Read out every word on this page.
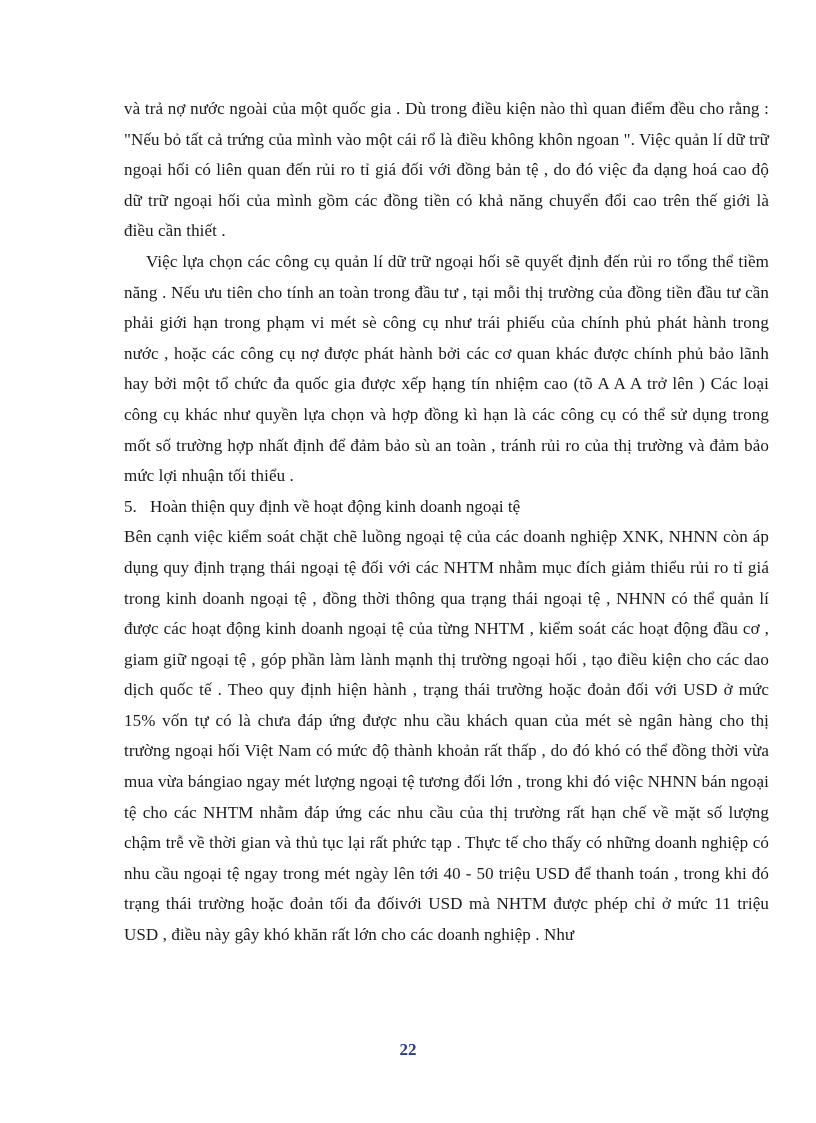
và trả nợ nước ngoài của một quốc gia . Dù trong điều kiện nào thì quan điểm đều cho rằng : "Nếu bỏ tất cả trứng của mình vào một cái rổ là điều không khôn ngoan ". Việc quản lí dữ trữ ngoại hối có liên quan đến rủi ro tỉ giá đối với đồng bản tệ , do đó việc đa dạng hoá cao độ dữ trữ ngoại hối của mình gồm các đồng tiền có khả năng chuyển đổi cao trên thế giới là điều cần thiết .

Việc lựa chọn các công cụ quản lí dữ trữ ngoại hối sẽ quyết định đến rủi ro tổng thể tiềm năng . Nếu ưu tiên cho tính an toàn trong đầu tư , tại mỗi thị trường của đồng tiền đầu tư cần phải giới hạn trong phạm vi mét sè công cụ như trái phiếu của chính phủ phát hành trong nước , hoặc các công cụ nợ được phát hành bởi các cơ quan khác được chính phủ bảo lãnh hay bởi một tổ chức đa quốc gia được xếp hạng tín nhiệm cao (tõ A A A trở lên ) Các loại công cụ khác như quyền lựa chọn và hợp đồng kì hạn là các công cụ có thể sử dụng trong mốt số trường hợp nhất định để đảm bảo sù an toàn , tránh rủi ro của thị trường và đảm bảo mức lợi nhuận tối thiểu .

5. Hoàn thiện quy định về hoạt động kinh doanh ngoại tệ

Bên cạnh việc kiểm soát chặt chẽ luồng ngoại tệ của các doanh nghiệp XNK, NHNN còn áp dụng quy định trạng thái ngoại tệ đối với các NHTM nhằm mục đích giảm thiểu rủi ro tỉ giá trong kinh doanh ngoại tệ , đồng thời thông qua trạng thái ngoại tệ , NHNN có thể quản lí được các hoạt động kinh doanh ngoại tệ của từng NHTM , kiểm soát các hoạt động đầu cơ , giam giữ ngoại tệ , góp phần làm lành mạnh thị trường ngoại hối , tạo điều kiện cho các dao dịch quốc tế . Theo quy định hiện hành , trạng thái trường hoặc đoản đối với USD ở mức 15% vốn tự có là chưa đáp ứng được nhu cầu khách quan của mét sè ngân hàng cho thị trường ngoại hối Việt Nam có mức độ thành khoản rất thấp , do đó khó có thể đồng thời vừa mua vừa bángiao ngay mét lượng ngoại tệ tương đối lớn , trong khi đó việc NHNN bán ngoại tệ cho các NHTM nhằm đáp ứng các nhu cầu của thị trường rất hạn chế về mặt số lượng chậm trễ về thời gian và thủ tục lại rất phức tạp . Thực tế cho thấy có những doanh nghiệp có nhu cầu ngoại tệ ngay trong mét ngày lên tới 40 - 50 triệu USD để thanh toán , trong khi đó trạng thái trường hoặc đoản tối đa đốivới USD mà NHTM được phép chỉ ở mức 11 triệu USD , điều này gây khó khăn rất lớn cho các doanh nghiệp . Như

22
